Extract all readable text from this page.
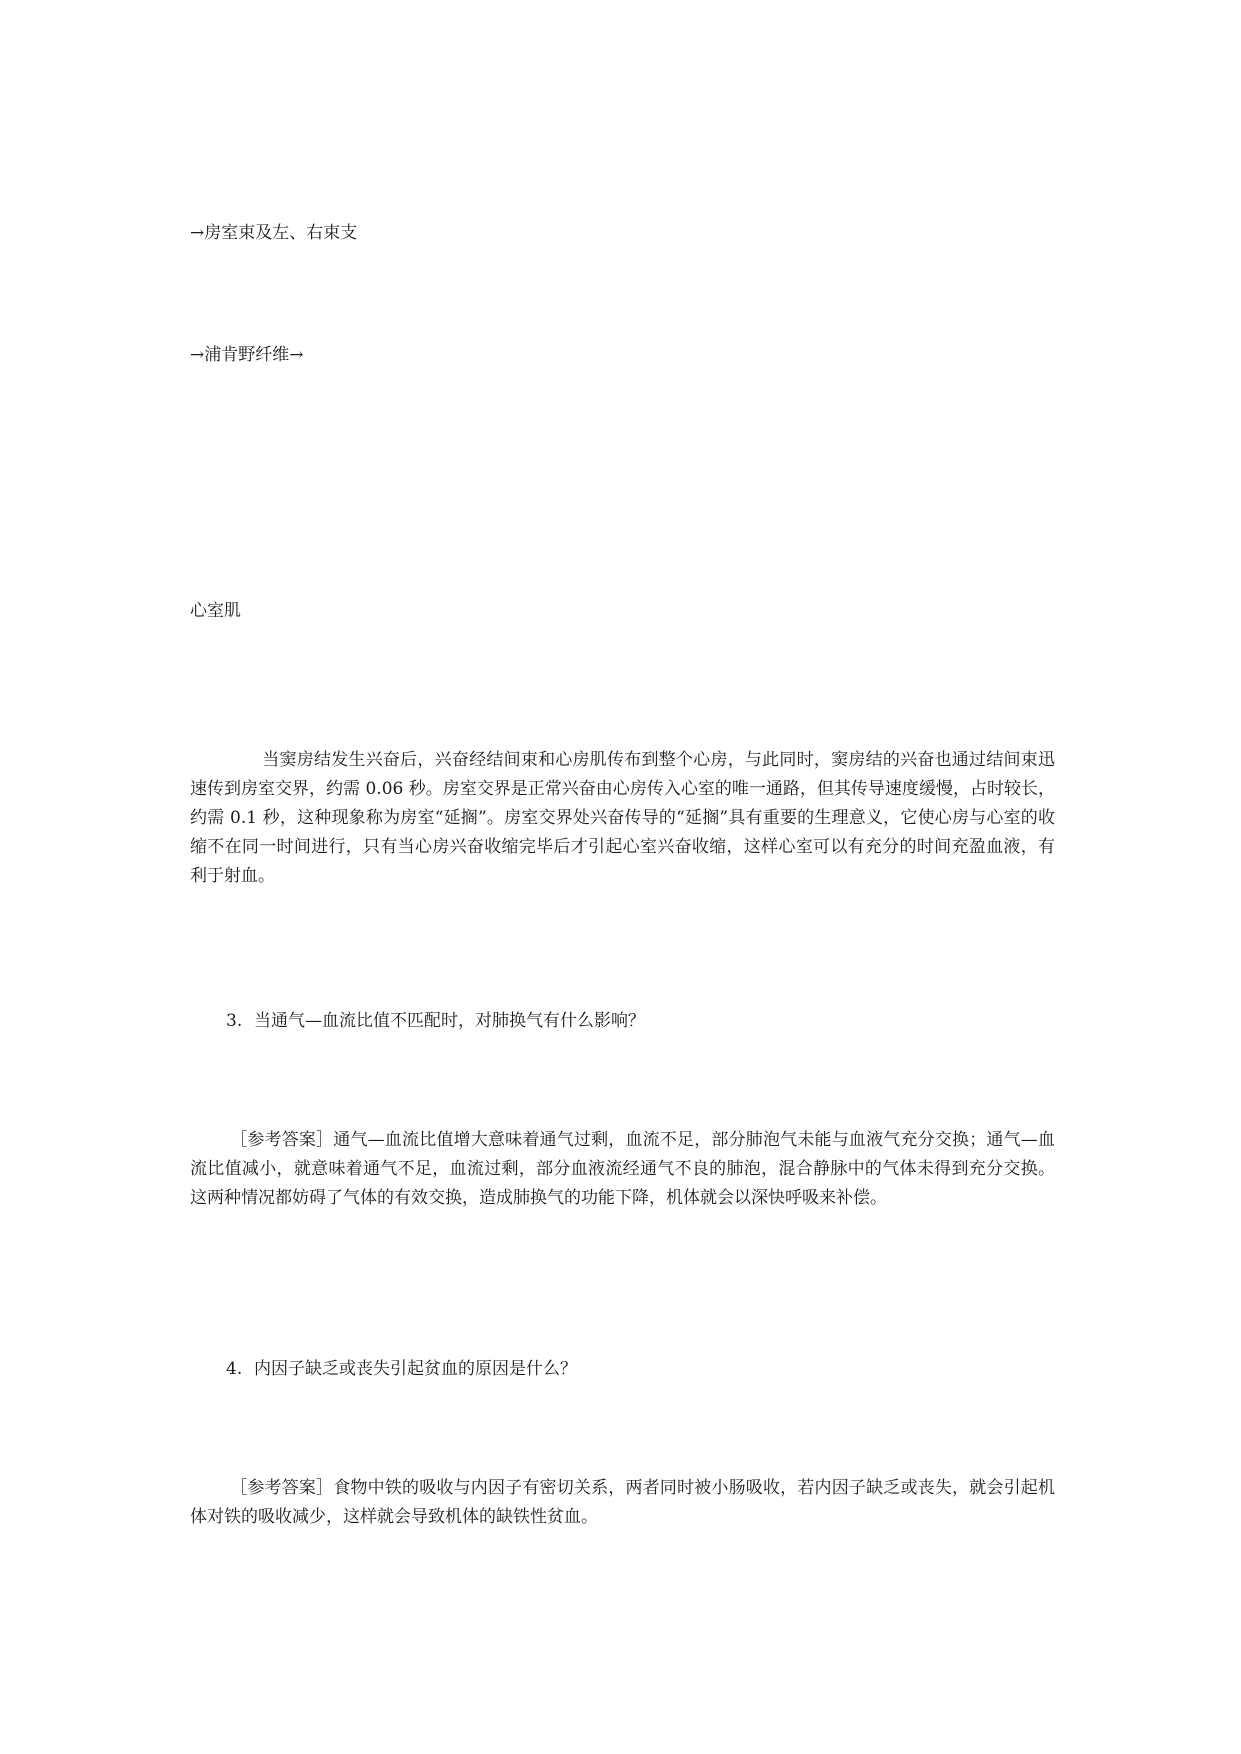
→房室束及左、右束支
→浦肯野纤维→
心室肌
当窦房结发生兴奋后，兴奋经结间束和心房肌传布到整个心房，与此同时，窦房结的兴奋也通过结间束迅速传到房室交界，约需 0.06 秒。房室交界是正常兴奋由心房传入心室的唯一通路，但其传导速度缓慢，占时较长，约需 0.1 秒，这种现象称为房室“延搁”。房室交界处兴奋传导的“延搁”具有重要的生理意义，它使心房与心室的收缩不在同一时间进行，只有当心房兴奋收缩完毕后才引起心室兴奋收缩，这样心室可以有充分的时间充盈血液，有利于射血。
3. 当通气—血流比值不匹配时，对肺换气有什么影响？
［参考答案］通气—血流比值增大意味着通气过剩，血流不足，部分肺泡气未能与血液气充分交换；通气—血流比值减小，就意味着通气不足，血流过剩，部分血液流经通气不良的肺泡，混合静脉中的气体未得到充分交换。这两种情况都妨碍了气体的有效交换，造成肺换气的功能下降，机体就会以深快呼吸来补偿。
4. 内因子缺乏或丧失引起贫血的原因是什么？
［参考答案］食物中铁的吸收与内因子有密切关系，两者同时被小肠吸收，若内因子缺乏或丧失，就会引起机体对铁的吸收减少，这样就会导致机体的缺铁性贫血。
